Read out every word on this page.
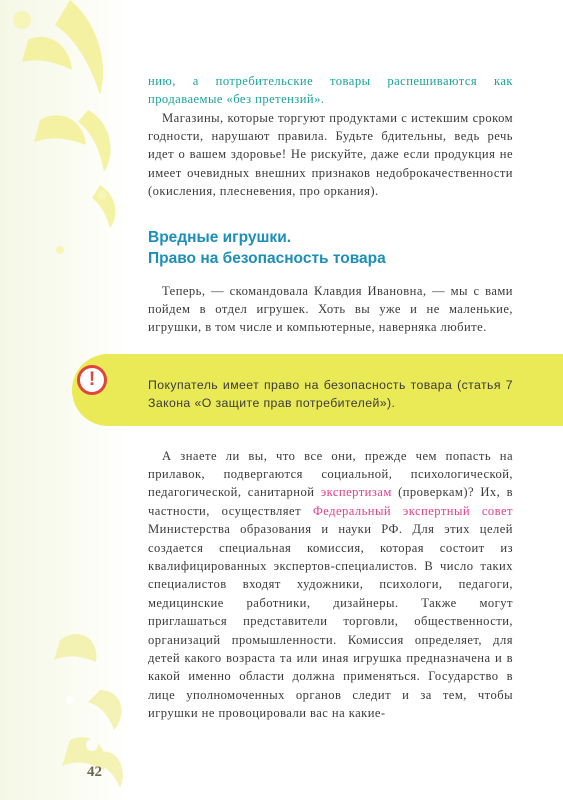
нию, а потребительские товары распешиваются как продаваемые «без претензий».

Магазины, которые торгуют продуктами с истекшим сроком годности, нарушают правила. Будьте бдительны, ведь речь идет о вашем здоровье! Не рискуйте, даже если продукция не имеет очевидных внешних признаков недоброкачественности (окисления, плесневения, про оркания).

Вредные игрушки.
Право на безопасность товара

Теперь, — скомандовала Клавдия Ивановна, — мы с вами пойдем в отдел игрушек. Хоть вы уже и не маленькие, игрушки, в том числе и компьютерные, наверняка любите.

!	Покупатель имеет право на безопасность товара (статья 7 Закона «О защите прав потребителей»).

А знаете ли вы, что все они, прежде чем попасть на прилавок, подвергаются социальной, психологической, педагогической, санитарной экспертизам (проверкам)? Их, в частности, осуществляет Федеральный экспертный совет Министерства образования и науки РФ. Для этих целей создается специальная комиссия, которая состоит из квалифицированных экспертов-специалистов. В число таких специалистов входят художники, психологи, педагоги, медицинские работники, дизайнеры. Также могут приглашаться представители торговли, общественности, организаций промышленности. Комиссия определяет, для детей какого возраста та или иная игрушка предназначена и в какой именно области должна применяться. Государство в лице уполномоченных органов следит и за тем, чтобы игрушки не провоцировали вас на какие-

42
